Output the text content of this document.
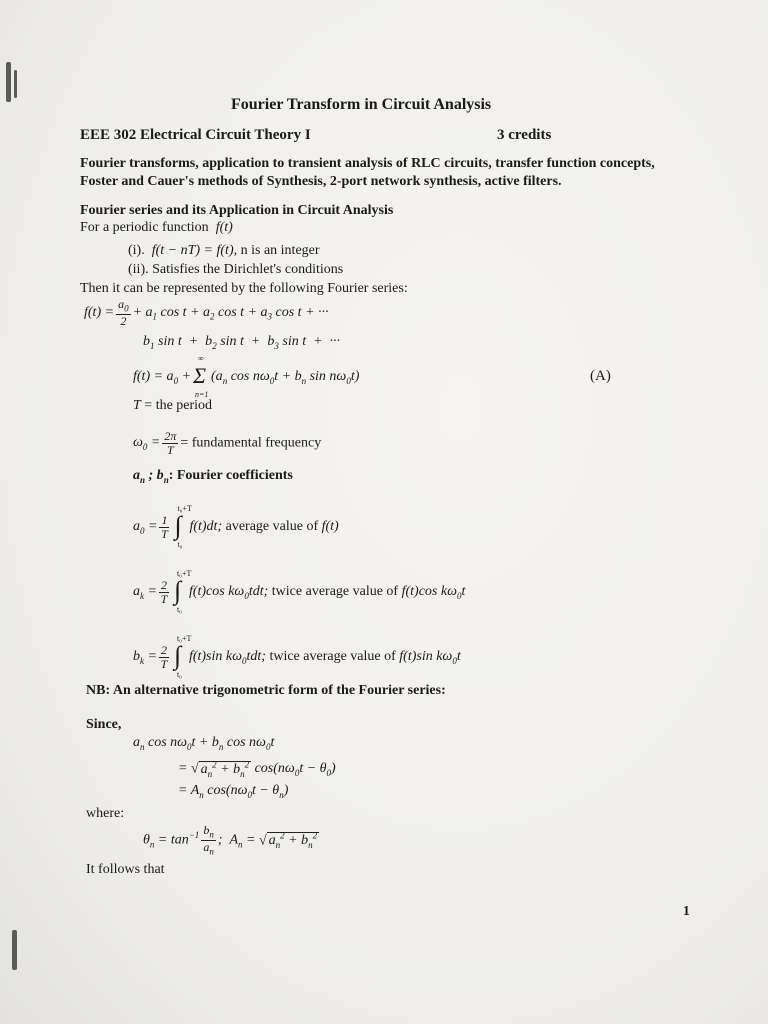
Fourier Transform in Circuit Analysis
EEE 302 Electrical Circuit Theory I	3 credits
Fourier transforms, application to transient analysis of RLC circuits, transfer function concepts,
Foster and Cauer's methods of Synthesis, 2-port network synthesis, active filters.
Fourier series and its Application in Circuit Analysis
For a periodic function  f(t)
(i).  f(t − nT) = f(t), n is an integer
(ii). Satisfies the Dirichlet's conditions
Then it can be represented by the following Fourier series:
$f(t) = \frac{a_0}{2} + a_1$ $\cos t + a_2$ $\cos t + a_3$ cos t + ···
$b_1$ $\sin t + b_2$ $\sin t + b_3$ sin t  +  ···
$f(t) = a_0$ +
∞
Σ
n=1
($a_n$ $\cos n\omega_0t + b_n$ $\sin n\omega_0t$)	(A)
T = the period
$\omega_0 = \frac{2\pi}{T}$ = fundamental frequency
$a_n$ ; $b_n$: Fourier coefficients
$a_0 = \frac{1}{T}$
t₀+T
∫
t₀
f(t)dt; average value of f(t)
$a_k = \frac{2}{T}$
t₀+T
∫
t₀
f(t)cos $k\omega_0tdt$; twice average value of f(t)cos $k\omega_0t$
$b_k = \frac{2}{T}$
t₀+T
∫
t₀
f(t)sin $k\omega_0tdt$; twice average value of f(t)sin $k\omega_0t$
NB: An alternative trigonometric form of the Fourier series:
Since,
$a_n$ $\cos n\omega_0t + b_n$ $\cos n\omega_0t$
= √ $a_n^2 + b_n^2$ $\cos(n\omega_0t - \theta_0)$
= $A_n$ $\cos(n\omega_0t - \theta_n)$
where:
$\theta_n = \tan^{-1} \frac{b_n}{a_n}$ ;  $A_n$ = √ $a_n^2 + b_n^2$
It follows that
1
